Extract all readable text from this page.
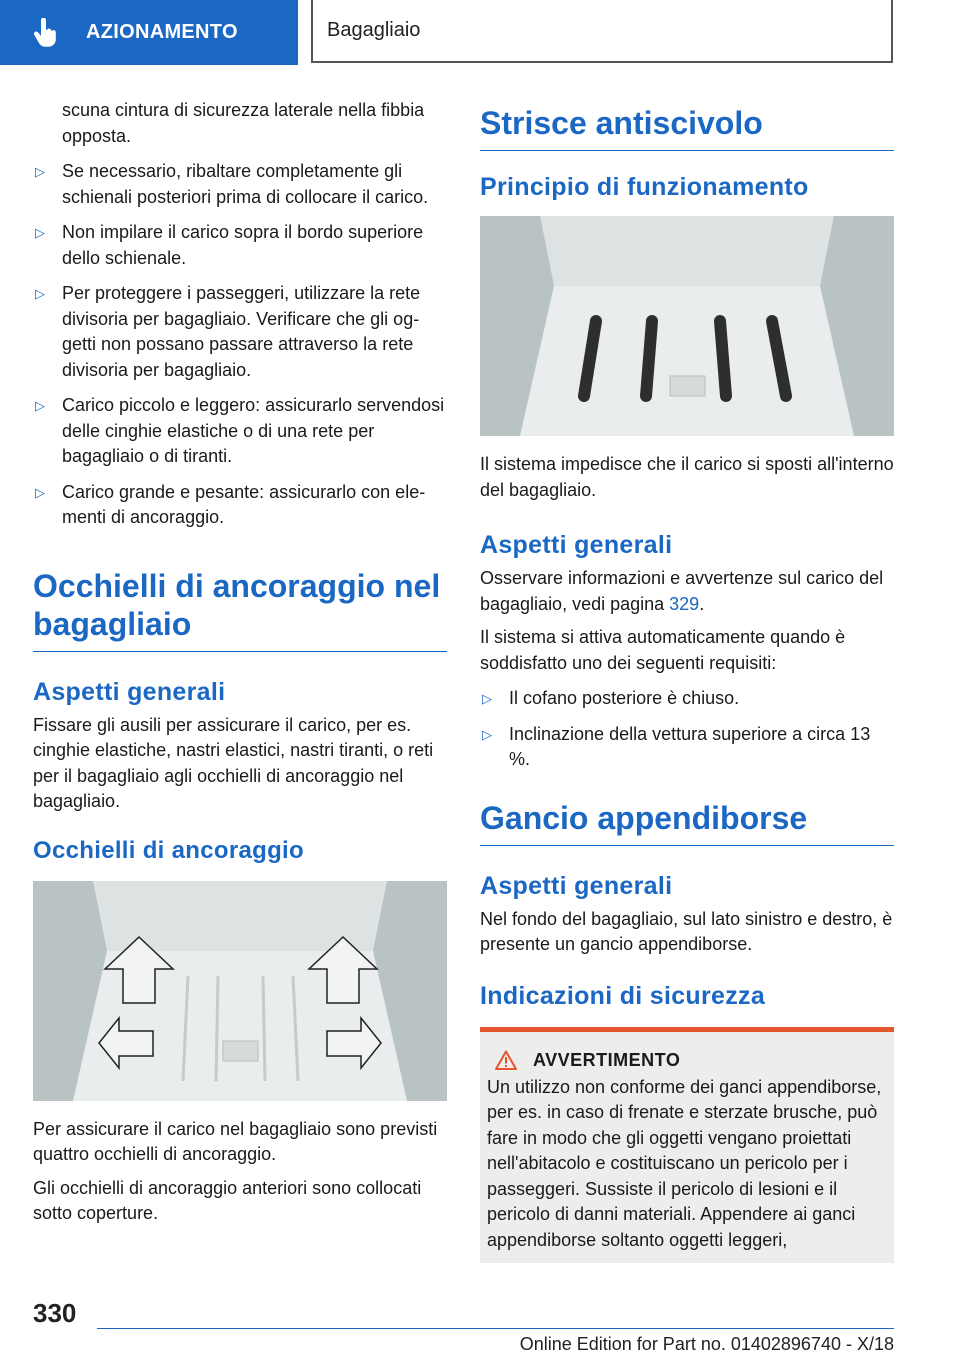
AZIONAMENTO	Bagagliaio

scuna cintura di sicurezza laterale nella fibbia opposta.

▷ Se necessario, ribaltare completamente gli schienali posteriori prima di collocare il carico.
▷ Non impilare il carico sopra il bordo superiore dello schienale.
▷ Per proteggere i passeggeri, utilizzare la rete divisoria per bagagliaio. Verificare che gli oggetti non possano passare attraverso la rete divisoria per bagagliaio.
▷ Carico piccolo e leggero: assicurarlo servendosi delle cinghie elastiche o di una rete per bagagliaio o di tiranti.
▷ Carico grande e pesante: assicurarlo con elementi di ancoraggio.
Occhielli di ancoraggio nel bagagliaio
Aspetti generali

Fissare gli ausili per assicurare il carico, per es. cinghie elastiche, nastri elastici, nastri tiranti, o reti per il bagagliaio agli occhielli di ancoraggio nel bagagliaio.

Occhielli di ancoraggio

Per assicurare il carico nel bagagliaio sono previsti quattro occhielli di ancoraggio.

Gli occhielli di ancoraggio anteriori sono collocati sotto coperture.

Strisce antiscivolo
Principio di funzionamento

Il sistema impedisce che il carico si sposti all'interno del bagagliaio.

Aspetti generali

Osservare informazioni e avvertenze sul carico del bagagliaio, vedi pagina 329.

Il sistema si attiva automaticamente quando è soddisfatto uno dei seguenti requisiti:

▷ Il cofano posteriore è chiuso.
▷ Inclinazione della vettura superiore a circa 13 %.
Gancio appendiborse
Aspetti generali

Nel fondo del bagagliaio, sul lato sinistro e destro, è presente un gancio appendiborse.

Indicazioni di sicurezza
AVVERTIMENTO

Un utilizzo non conforme dei ganci appendiborse, per es. in caso di frenate e sterzate brusche, può fare in modo che gli oggetti vengano proiettati nell'abitacolo e costituiscano un pericolo per i passeggeri. Sussiste il pericolo di lesioni e il pericolo di danni materiali. Appendere ai ganci appendiborse soltanto oggetti leggeri,

330
Online Edition for Part no. 01402896740 - X/18
